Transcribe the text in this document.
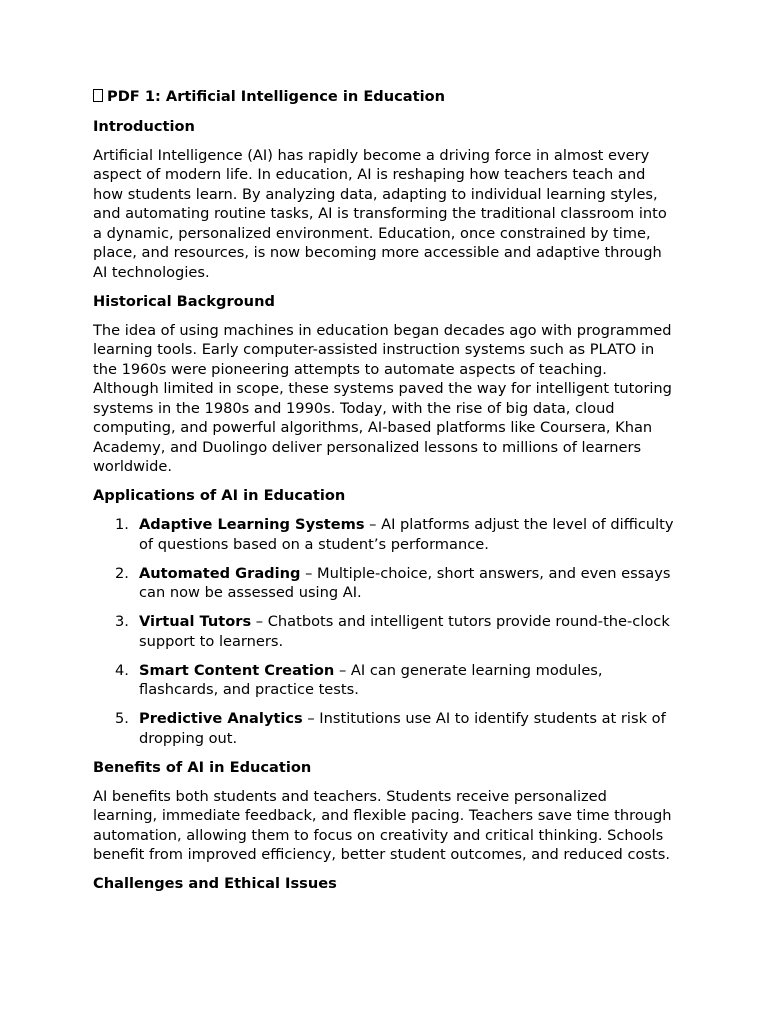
PDF 1: Artificial Intelligence in Education
Introduction
Artificial Intelligence (AI) has rapidly become a driving force in almost every aspect of modern life. In education, AI is reshaping how teachers teach and how students learn. By analyzing data, adapting to individual learning styles, and automating routine tasks, AI is transforming the traditional classroom into a dynamic, personalized environment. Education, once constrained by time, place, and resources, is now becoming more accessible and adaptive through AI technologies.
Historical Background
The idea of using machines in education began decades ago with programmed learning tools. Early computer-assisted instruction systems such as PLATO in the 1960s were pioneering attempts to automate aspects of teaching. Although limited in scope, these systems paved the way for intelligent tutoring systems in the 1980s and 1990s. Today, with the rise of big data, cloud computing, and powerful algorithms, AI-based platforms like Coursera, Khan Academy, and Duolingo deliver personalized lessons to millions of learners worldwide.
Applications of AI in Education
1. Adaptive Learning Systems – AI platforms adjust the level of difficulty of questions based on a student’s performance.
2. Automated Grading – Multiple-choice, short answers, and even essays can now be assessed using AI.
3. Virtual Tutors – Chatbots and intelligent tutors provide round-the-clock support to learners.
4. Smart Content Creation – AI can generate learning modules, flashcards, and practice tests.
5. Predictive Analytics – Institutions use AI to identify students at risk of dropping out.
Benefits of AI in Education
AI benefits both students and teachers. Students receive personalized learning, immediate feedback, and flexible pacing. Teachers save time through automation, allowing them to focus on creativity and critical thinking. Schools benefit from improved efficiency, better student outcomes, and reduced costs.
Challenges and Ethical Issues
